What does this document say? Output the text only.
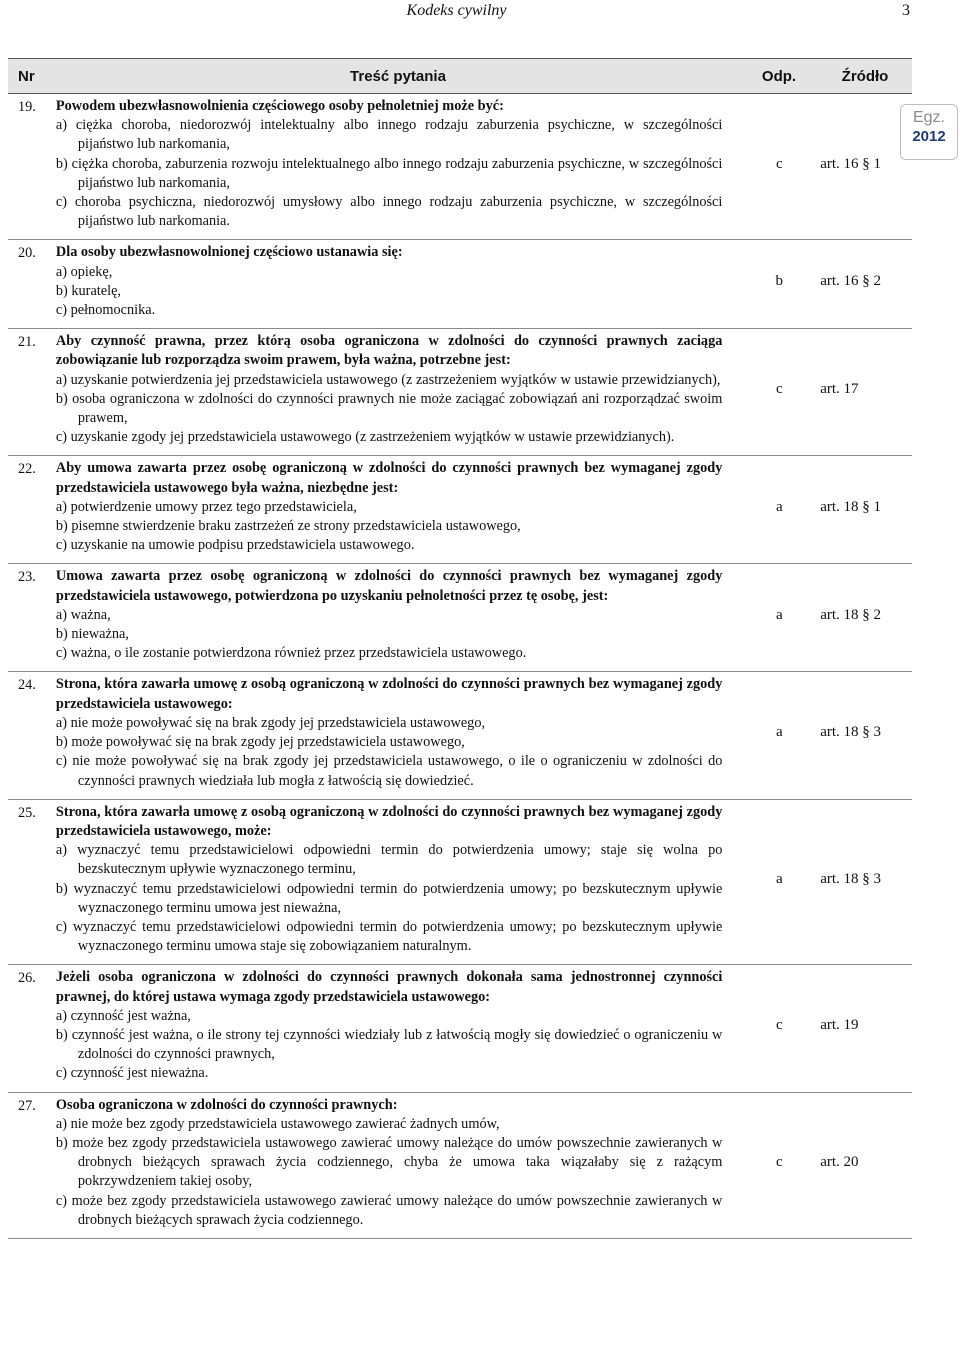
Kodeks cywilny	3
Nr	Treść pytania	Odp.	Źródło
19.	Powodem ubezwłasnowolnienia częściowego osoby pełnoletniej może być:
a) ciężka choroba, niedorozwój intelektualny albo innego rodzaju zaburzenia psychiczne, w szczególności pijaństwo lub narkomania,
b) ciężka choroba, zaburzenia rozwoju intelektualnego albo innego rodzaju zaburzenia psychiczne, w szczególności pijaństwo lub narkomania,
c) choroba psychiczna, niedorozwój umysłowy albo innego rodzaju zaburzenia psychiczne, w szczególności pijaństwo lub narkomania.
c	art. 16 § 1
20.	Dla osoby ubezwłasnowolnionej częściowo ustanawia się:
a) opiekę,
b) kuratelę,
c) pełnomocnika.
b	art. 16 § 2
21.	Aby czynność prawna, przez którą osoba ograniczona w zdolności do czynności prawnych zaciąga zobowiązanie lub rozporządza swoim prawem, była ważna, potrzebne jest:
a) uzyskanie potwierdzenia jej przedstawiciela ustawowego (z zastrzeżeniem wyjątków w ustawie przewidzianych),
b) osoba ograniczona w zdolności do czynności prawnych nie może zaciągać zobowiązań ani rozporządzać swoim prawem,
c) uzyskanie zgody jej przedstawiciela ustawowego (z zastrzeżeniem wyjątków w ustawie przewidzianych).
c	art. 17
22.	Aby umowa zawarta przez osobę ograniczoną w zdolności do czynności prawnych bez wymaganej zgody przedstawiciela ustawowego była ważna, niezbędne jest:
a) potwierdzenie umowy przez tego przedstawiciela,
b) pisemne stwierdzenie braku zastrzeżeń ze strony przedstawiciela ustawowego,
c) uzyskanie na umowie podpisu przedstawiciela ustawowego.
a	art. 18 § 1
23.	Umowa zawarta przez osobę ograniczoną w zdolności do czynności prawnych bez wymaganej zgody przedstawiciela ustawowego, potwierdzona po uzyskaniu pełnoletności przez tę osobę, jest:
a) ważna,
b) nieważna,
c) ważna, o ile zostanie potwierdzona również przez przedstawiciela ustawowego.
a	art. 18 § 2
24.	Strona, która zawarła umowę z osobą ograniczoną w zdolności do czynności prawnych bez wymaganej zgody przedstawiciela ustawowego:
a) nie może powoływać się na brak zgody jej przedstawiciela ustawowego,
b) może powoływać się na brak zgody jej przedstawiciela ustawowego,
c) nie może powoływać się na brak zgody jej przedstawiciela ustawowego, o ile o ograniczeniu w zdolności do czynności prawnych wiedziała lub mogła z łatwością się dowiedzieć.
a	art. 18 § 3
25.	Strona, która zawarła umowę z osobą ograniczoną w zdolności do czynności prawnych bez wymaganej zgody przedstawiciela ustawowego, może:
a) wyznaczyć temu przedstawicielowi odpowiedni termin do potwierdzenia umowy; staje się wolna po bezskutecznym upływie wyznaczonego terminu,
b) wyznaczyć temu przedstawicielowi odpowiedni termin do potwierdzenia umowy; po bezskutecznym upływie wyznaczonego terminu umowa jest nieważna,
c) wyznaczyć temu przedstawicielowi odpowiedni termin do potwierdzenia umowy; po bezskutecznym upływie wyznaczonego terminu umowa staje się zobowiązaniem naturalnym.
a	art. 18 § 3
26.	Jeżeli osoba ograniczona w zdolności do czynności prawnych dokonała sama jednostronnej czynności prawnej, do której ustawa wymaga zgody przedstawiciela ustawowego:
a) czynność jest ważna,
b) czynność jest ważna, o ile strony tej czynności wiedziały lub z łatwością mogły się dowiedzieć o ograniczeniu w zdolności do czynności prawnych,
c) czynność jest nieważna.
c	art. 19
27.	Osoba ograniczona w zdolności do czynności prawnych:
a) nie może bez zgody przedstawiciela ustawowego zawierać żadnych umów,
b) może bez zgody przedstawiciela ustawowego zawierać umowy należące do umów powszechnie zawieranych w drobnych bieżących sprawach życia codziennego, chyba że umowa taka wiązałaby się z rażącym pokrzywdzeniem takiej osoby,
c) może bez zgody przedstawiciela ustawowego zawierać umowy należące do umów powszechnie zawieranych w drobnych bieżących sprawach życia codziennego.
c	art. 20
Egz.
2012
